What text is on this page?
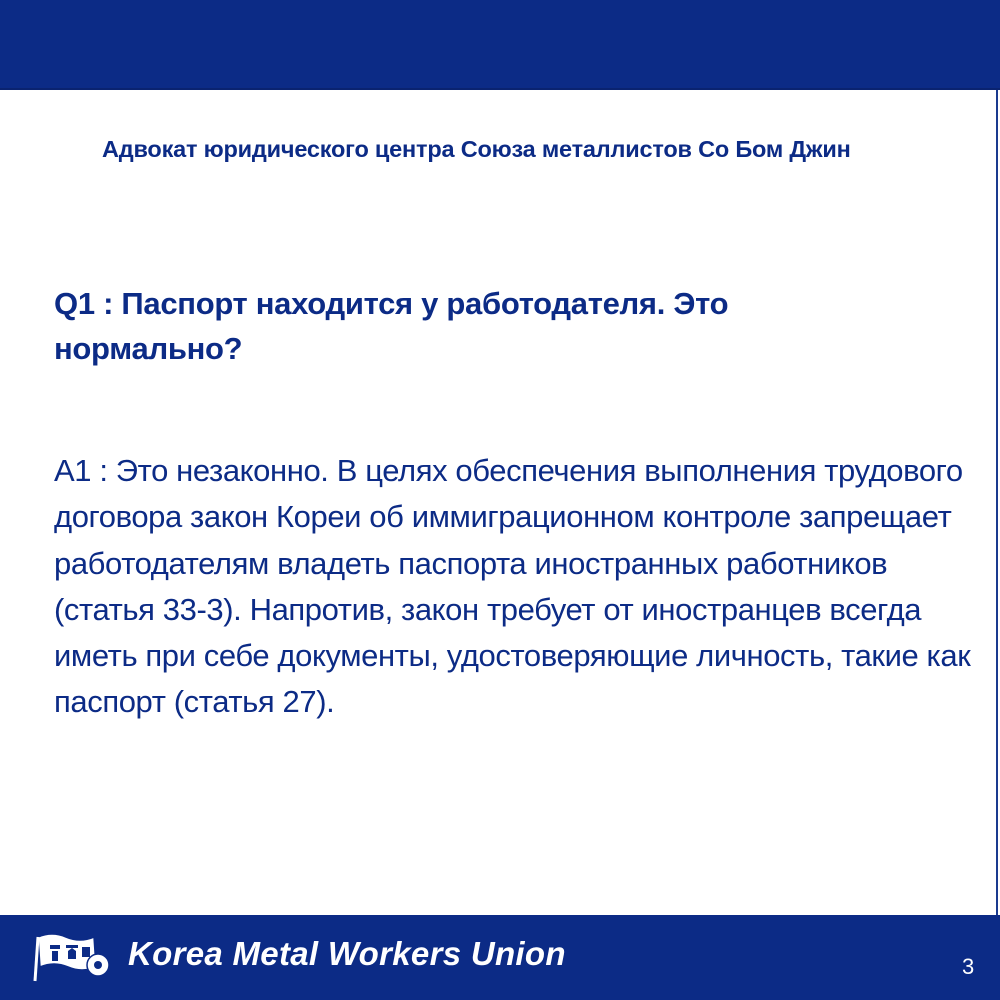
Адвокат юридического центра Союза металлистов Со Бом Джин
Q1 : Паспорт находится у работодателя. Это нормально?
A1 : Это незаконно. В целях обеспечения выполнения трудового договора закон Кореи об иммиграционном контроле запрещает работодателям владеть паспорта иностранных работников (статья 33-3). Напротив, закон требует от иностранцев всегда иметь при себе документы, удостоверяющие личность, такие как паспорт (статья 27).
Korea Metal Workers Union	3
